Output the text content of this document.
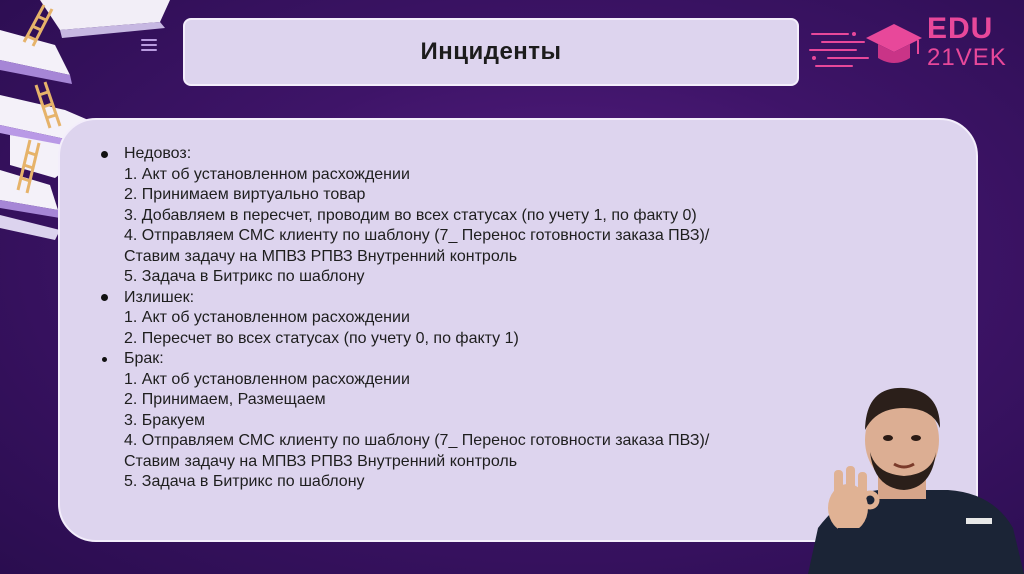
Инциденты
EDU
21VEK
Недовоз:
1. Акт об установленном расхождении
2. Принимаем виртуально товар
3. Добавляем в пересчет, проводим во всех статусах (по учету 1, по факту 0)
4. Отправляем СМС клиенту по шаблону (7_ Перенос готовности заказа ПВЗ)/
Ставим задачу на МПВЗ РПВЗ Внутренний контроль
5. Задача в Битрикс по шаблону
Излишек:
1. Акт об установленном расхождении
2. Пересчет во всех статусах (по учету 0, по факту 1)
Брак:
1. Акт об установленном расхождении
2. Принимаем, Размещаем
3. Бракуем
4. Отправляем СМС клиенту по шаблону (7_ Перенос готовности заказа ПВЗ)/
Ставим задачу на МПВЗ РПВЗ Внутренний контроль
5. Задача в Битрикс по шаблону
